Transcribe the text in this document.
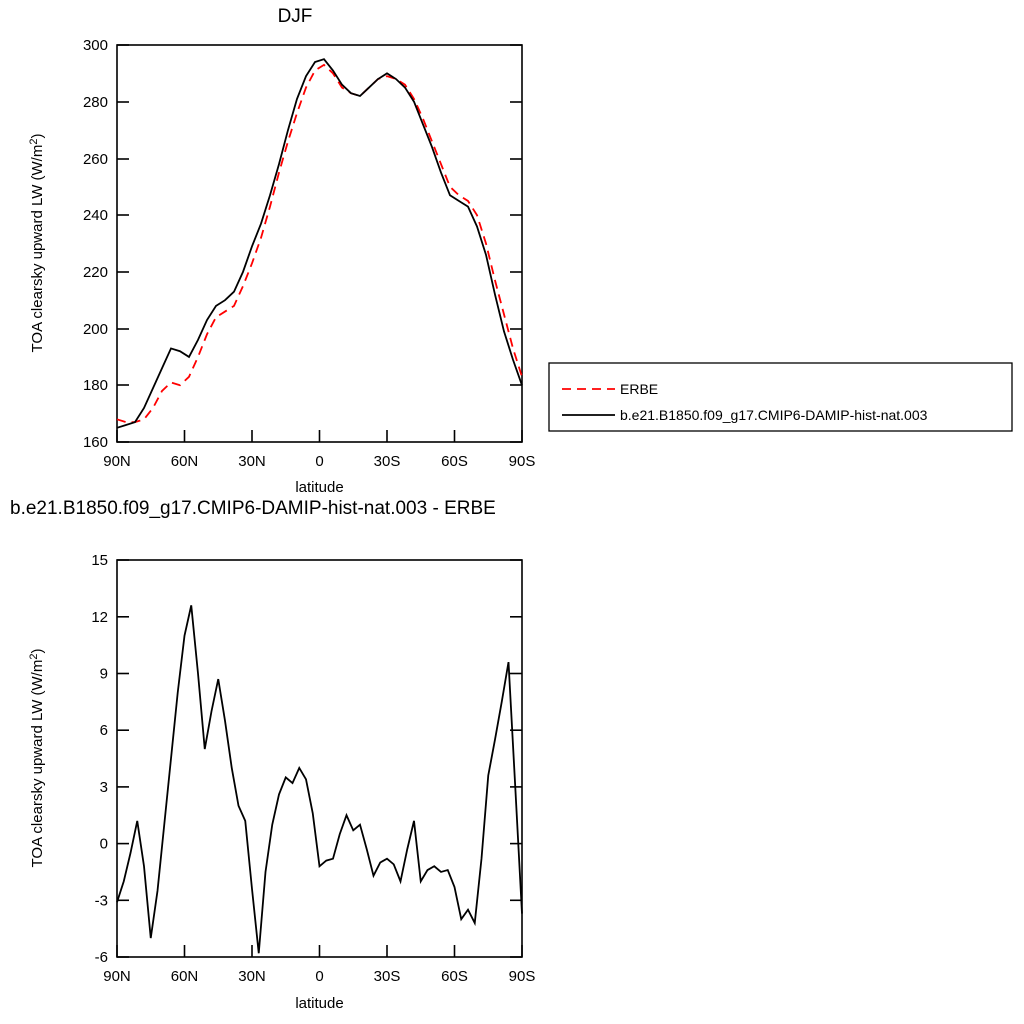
DJF
160
180
200
220
240
260
280
300
90N	60N	30N	0	30S	60S	90S
latitude
TOA clearsky upward LW $(W/m^2)$
ERBE
b.e21.B1850.f09_g17.CMIP6-DAMIP-hist-nat.003
b.e21.B1850.f09_g17.CMIP6-DAMIP-hist-nat.003 - ERBE
-6
-3
0
3
6
9
12
15
90N	60N	30N	0	30S	60S	90S
latitude
TOA clearsky upward LW $(W/m^2)$
